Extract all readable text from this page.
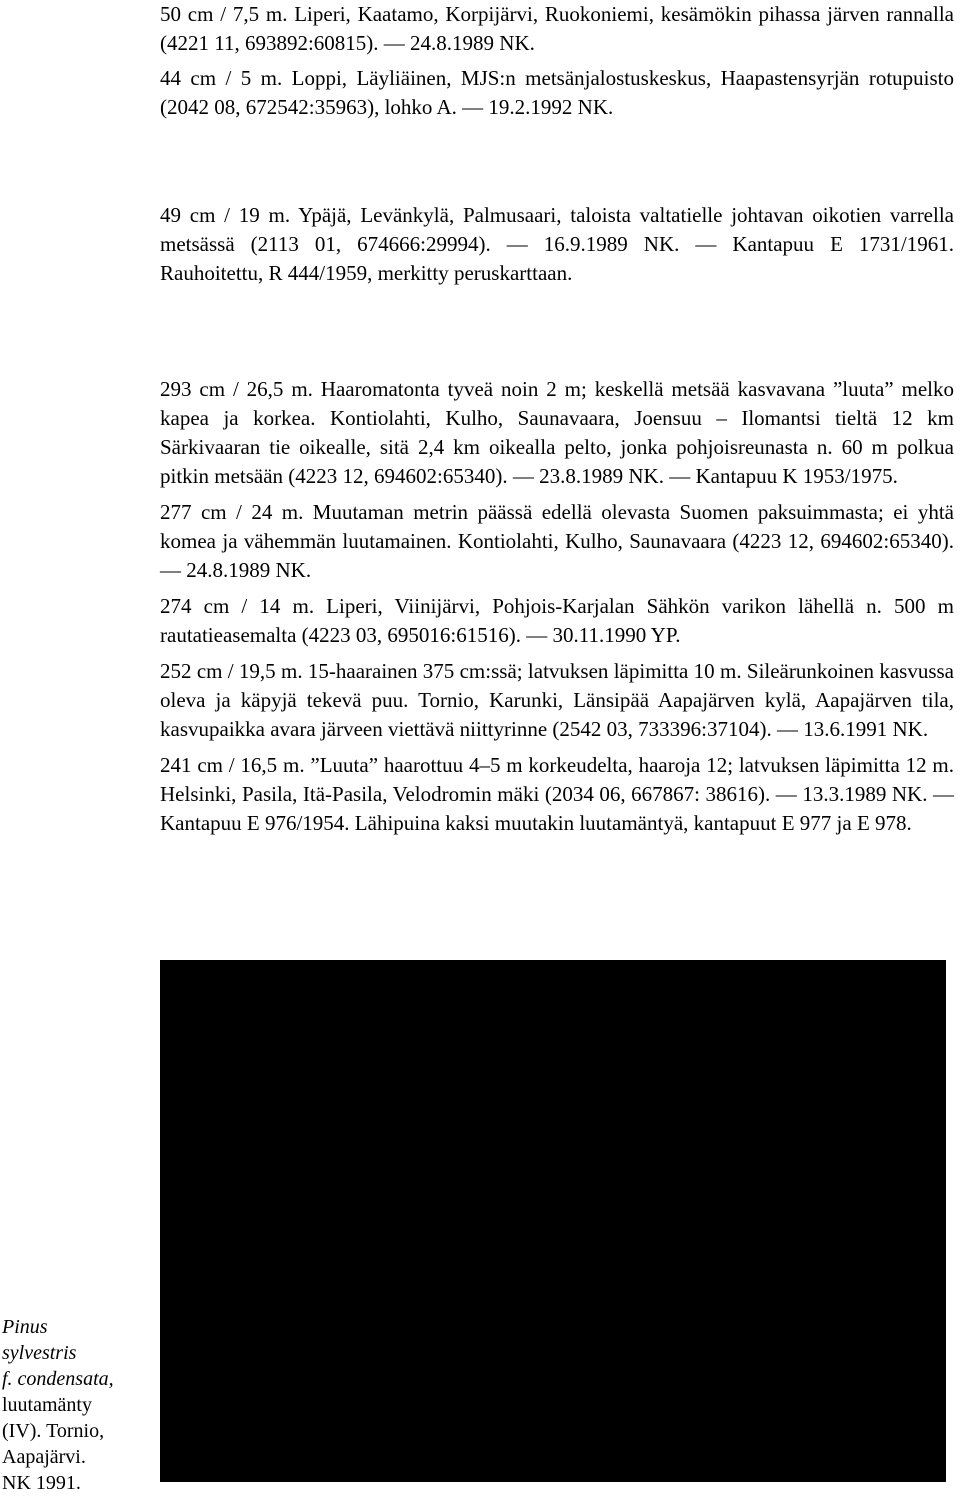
50 cm / 7,5 m. Liperi, Kaatamo, Korpijärvi, Ruokoniemi, kesämökin pihassa järven rannalla (4221 11, 693892:60815). — 24.8.1989 NK.

44 cm / 5 m. Loppi, Läyliäinen, MJS:n metsänjalostuskeskus, Haapastensyrjän rotupuisto (2042 08, 672542:35963), lohko A. — 19.2.1992 NK.

49 cm / 19 m. Ypäjä, Levänkylä, Palmusaari, taloista valtatielle johtavan oikotien varrella metsässä (2113 01, 674666:29994). — 16.9.1989 NK. — Kantapuu E 1731/1961. Rauhoitettu, R 444/1959, merkitty peruskarttaan.

293 cm / 26,5 m. Haaromatonta tyveä noin 2 m; keskellä metsää kasvavana ”luuta” melko kapea ja korkea. Kontiolahti, Kulho, Saunavaara, Joensuu – Ilomantsi tieltä 12 km Särkivaaran tie oikealle, sitä 2,4 km oikealla pelto, jonka pohjoisreunasta n. 60 m polkua pitkin metsään (4223 12, 694602:65340). — 23.8.1989 NK. — Kantapuu K 1953/1975.

277 cm / 24 m. Muutaman metrin päässä edellä olevasta Suomen paksuimmasta; ei yhtä komea ja vähemmän luutamainen. Kontiolahti, Kulho, Saunavaara (4223 12, 694602:65340). — 24.8.1989 NK.

274 cm / 14 m. Liperi, Viinijärvi, Pohjois-Karjalan Sähkön varikon lähellä n. 500 m rautatieasemalta (4223 03, 695016:61516). — 30.11.1990 YP.

252 cm / 19,5 m. 15-haarainen 375 cm:ssä; latvuksen läpimitta 10 m. Sileärunkoinen kasvussa oleva ja käpyjä tekevä puu. Tornio, Karunki, Länsipää Aapajärven kylä, Aapajärven tila, kasvupaikka avara järveen viettävä niittyrinne (2542 03, 733396:37104). — 13.6.1991 NK.

241 cm / 16,5 m. ”Luuta” haarottuu 4–5 m korkeudelta, haaroja 12; latvuksen läpimitta 12 m. Helsinki, Pasila, Itä-Pasila, Velodromin mäki (2034 06, 667867: 38616). — 13.3.1989 NK. — Kantapuu E 976/1954. Lähipuina kaksi muutakin luutamäntyä, kantapuut E 977 ja E 978.

Pinus
sylvestris
f. condensata,
luutamänty
(IV). Tornio,
Aapajärvi.
NK 1991.
